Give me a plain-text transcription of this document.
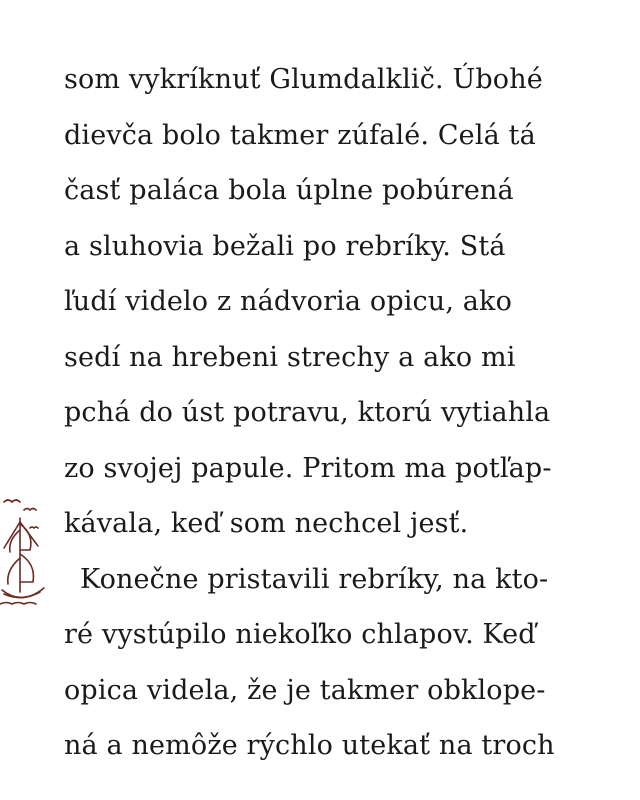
som vykríknuť Glumdalklič. Úbohé
dievča bolo takmer zúfalé. Celá tá
časť paláca bola úplne pobúrená
a sluhovia bežali po rebríky. Stá
ľudí videlo z nádvoria opicu, ako
sedí na hrebeni strechy a ako mi
pchá do úst potravu, ktorú vytiahla
zo svojej papule. Pritom ma potľap-
kávala, keď som nechcel jesť.
Konečne pristavili rebríky, na kto-
ré vystúpilo niekoľko chlapov. Keď
opica videla, že je takmer obklope-
ná a nemôže rýchlo utekať na troch
